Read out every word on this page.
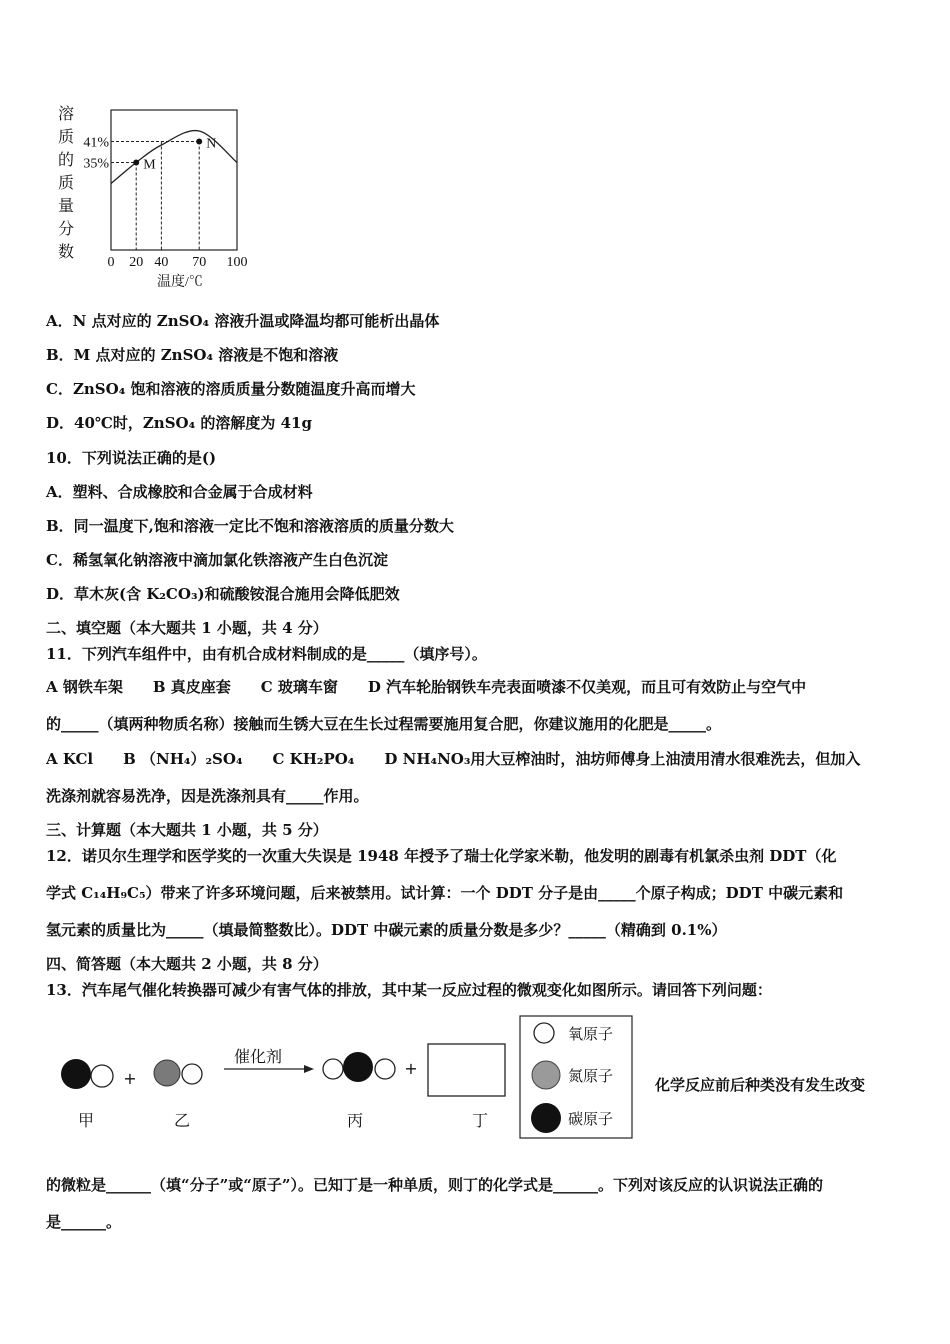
溶
质
的
质
量
分
数
M
N
0 20 40 70 100
35%
41%
温度/℃
A．N 点对应的 ZnSO₄ 溶液升温或降温均都可能析出晶体
B．M 点对应的 ZnSO₄ 溶液是不饱和溶液
C．ZnSO₄ 饱和溶液的溶质质量分数随温度升高而增大
D．40℃时，ZnSO₄ 的溶解度为 41g
10．下列说法正确的是()
A．塑料、合成橡胶和合金属于合成材料
B．同一温度下,饱和溶液一定比不饱和溶液溶质的质量分数大
C．稀氢氧化钠溶液中滴加氯化铁溶液产生白色沉淀
D．草木灰(含 K₂CO₃)和硫酸铵混合施用会降低肥效
二、填空题（本大题共 1 小题，共 4 分）
11．下列汽车组件中，由有机合成材料制成的是_____（填序号）。
A 钢铁车架　　B 真皮座套　　C 玻璃车窗　　D 汽车轮胎钢铁车壳表面喷漆不仅美观，而且可有效防止与空气中
的_____（填两种物质名称）接触而生锈大豆在生长过程需要施用复合肥，你建议施用的化肥是_____。
A KCl　　B （NH₄）₂SO₄　　C KH₂PO₄　　D NH₄NO₃用大豆榨油时，油坊师傅身上油渍用清水很难洗去，但加入
洗涤剂就容易洗净，因是洗涤剂具有_____作用。
三、计算题（本大题共 1 小题，共 5 分）
12．诺贝尔生理学和医学奖的一次重大失误是 1948 年授予了瑞士化学家米勒，他发明的剧毒有机氯杀虫剂 DDT（化
学式 C₁₄H₉C₅）带来了许多环境问题，后来被禁用。试计算：一个 DDT 分子是由_____个原子构成；DDT 中碳元素和
氢元素的质量比为_____（填最简整数比）。DDT 中碳元素的质量分数是多少？_____（精确到 0.1%）
四、简答题（本大题共 2 小题，共 8 分）
13．汽车尾气催化转换器可减少有害气体的排放，其中某一反应过程的微观变化如图所示。请回答下列问题：
+
催化剂
+
甲	乙	丙	丁
氧原子
氮原子
碳原子
化学反应前后种类没有发生改变
的微粒是______（填“分子”或“原子”）。已知丁是一种单质，则丁的化学式是______。下列对该反应的认识说法正确的
是______。
